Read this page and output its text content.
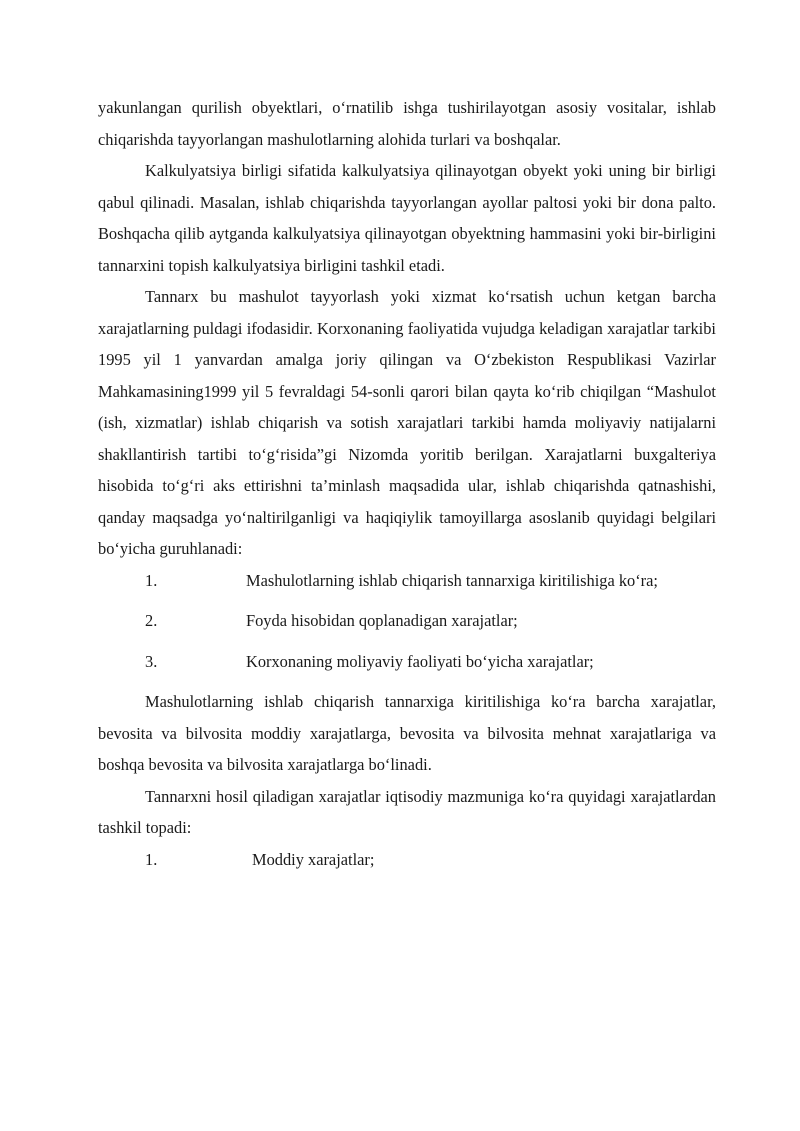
yakunlangan qurilish obyektlari, o‘rnatilib ishga tushirilayotgan asosiy vositalar, ishlab chiqarishda tayyorlangan mashulotlarning alohida turlari va boshqalar.

Kalkulyatsiya birligi sifatida kalkulyatsiya qilinayotgan obyekt yoki uning bir birligi qabul qilinadi. Masalan, ishlab chiqarishda tayyorlangan ayollar paltosi yoki bir dona palto. Boshqacha qilib aytganda kalkulyatsiya qilinayotgan obyektning hammasini yoki bir-birligini tannarxini topish kalkulyatsiya birligini tashkil etadi.

Tannarx bu mashulot tayyorlash yoki xizmat ko‘rsatish uchun ketgan barcha xarajatlarning puldagi ifodasidir. Korxonaning faoliyatida vujudga keladigan xarajatlar tarkibi 1995 yil 1 yanvardan amalga joriy qilingan va O‘zbekiston Respublikasi Vazirlar Mahkamasining1999 yil 5 fevraldagi 54-sonli qarori bilan qayta ko‘rib chiqilgan “Mashulot (ish, xizmatlar) ishlab chiqarish va sotish xarajatlari tarkibi hamda moliyaviy natijalarni shakllantirish tartibi to‘g‘risida”gi Nizomda yoritib berilgan. Xarajatlarni buxgalteriya hisobida to‘g‘ri aks ettirishni ta’minlash maqsadida ular, ishlab chiqarishda qatnashishi, qanday maqsadga yo‘naltirilganligi va haqiqiylik tamoyillarga asoslanib quyidagi belgilari bo‘yicha guruhlanadi:

1.	Mashulotlarning ishlab chiqarish tannarxiga kiritilishiga ko‘ra;
2.	Foyda hisobidan qoplanadigan xarajatlar;
3.	Korxonaning moliyaviy faoliyati bo‘yicha xarajatlar;

Mashulotlarning ishlab chiqarish tannarxiga kiritilishiga ko‘ra barcha xarajatlar, bevosita va bilvosita moddiy xarajatlarga, bevosita va bilvosita mehnat xarajatlariga va boshqa bevosita va bilvosita xarajatlarga bo‘linadi.

Tannarxni hosil qiladigan xarajatlar iqtisodiy mazmuniga ko‘ra quyidagi xarajatlardan tashkil topadi:

1.	Moddiy xarajatlar;
